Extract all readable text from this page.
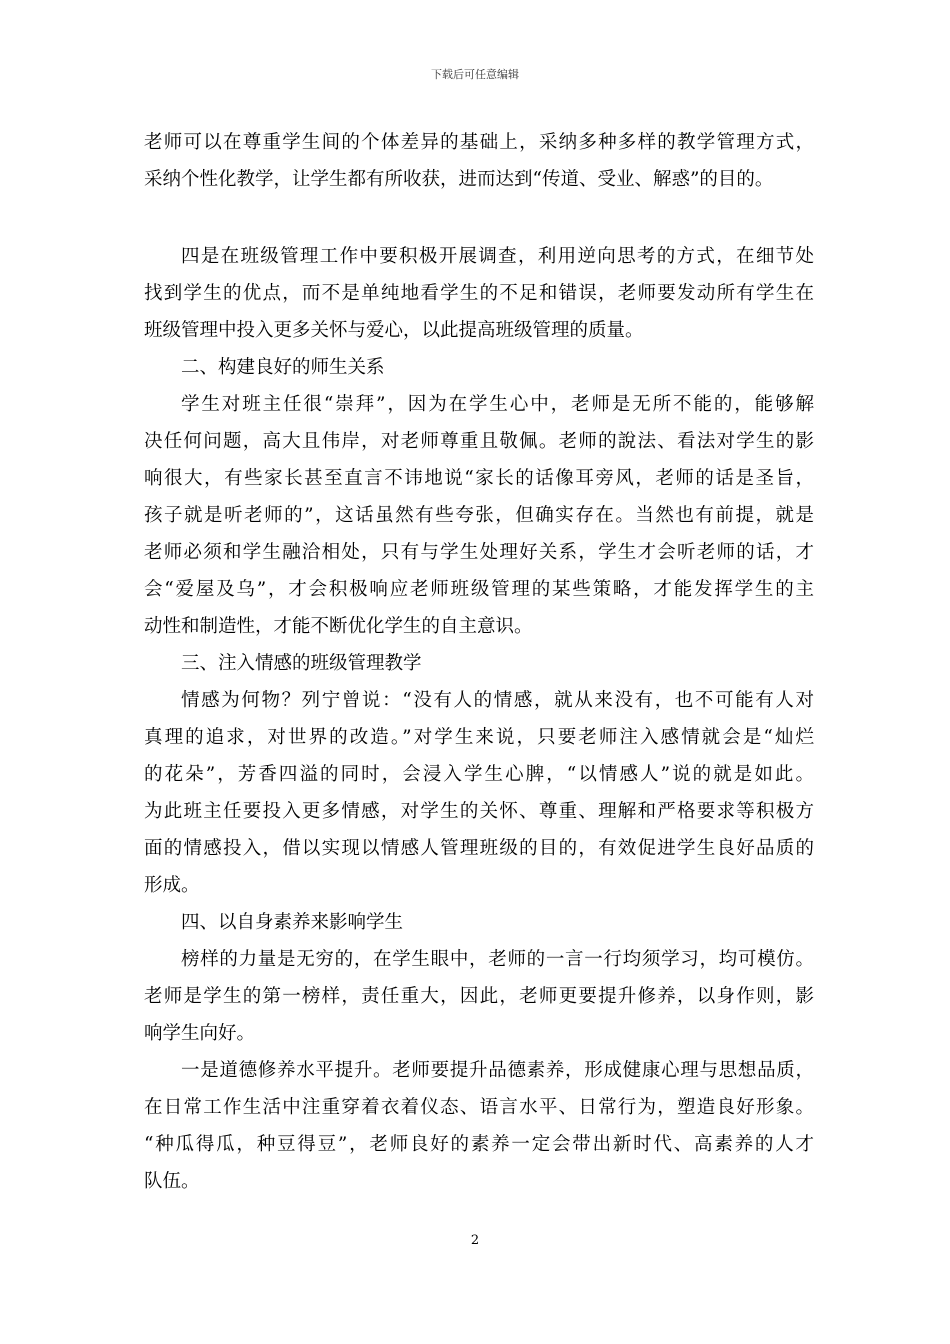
下载后可任意编辑
老师可以在尊重学生间的个体差异的基础上，采纳多种多样的教学管理方式，
采纳个性化教学，让学生都有所收获，进而达到“传道、受业、解惑”的目的。
四是在班级管理工作中要积极开展调查，利用逆向思考的方式，在细节处
找到学生的优点，而不是单纯地看学生的不足和错误，老师要发动所有学生在
班级管理中投入更多关怀与爱心，以此提高班级管理的质量。
二、构建良好的师生关系
学生对班主任很“崇拜”，因为在学生心中，老师是无所不能的，能够解
决任何问题，高大且伟岸，对老师尊重且敬佩。老师的說法、看法对学生的影
响很大，有些家长甚至直言不讳地说“家长的话像耳旁风，老师的话是圣旨，
孩子就是听老师的”，这话虽然有些夸张，但确实存在。当然也有前提，就是
老师必须和学生融洽相处，只有与学生处理好关系，学生才会听老师的话，才
会“爱屋及乌”，才会积极响应老师班级管理的某些策略，才能发挥学生的主
动性和制造性，才能不断优化学生的自主意识。
三、注入情感的班级管理教学
情感为何物？列宁曾说：“没有人的情感，就从来没有，也不可能有人对
真理的追求，对世界的改造。”对学生来说，只要老师注入感情就会是“灿烂
的花朵”，芳香四溢的同时，会浸入学生心脾，“以情感人”说的就是如此。
为此班主任要投入更多情感，对学生的关怀、尊重、理解和严格要求等积极方
面的情感投入，借以实现以情感人管理班级的目的，有效促进学生良好品质的
形成。
四、以自身素养来影响学生
榜样的力量是无穷的，在学生眼中，老师的一言一行均须学习，均可模仿。
老师是学生的第一榜样，责任重大，因此，老师更要提升修养，以身作则，影
响学生向好。
一是道德修养水平提升。老师要提升品德素养，形成健康心理与思想品质，
在日常工作生活中注重穿着衣着仪态、语言水平、日常行为，塑造良好形象。
“种瓜得瓜，种豆得豆”，老师良好的素养一定会带出新时代、高素养的人才
队伍。
2
